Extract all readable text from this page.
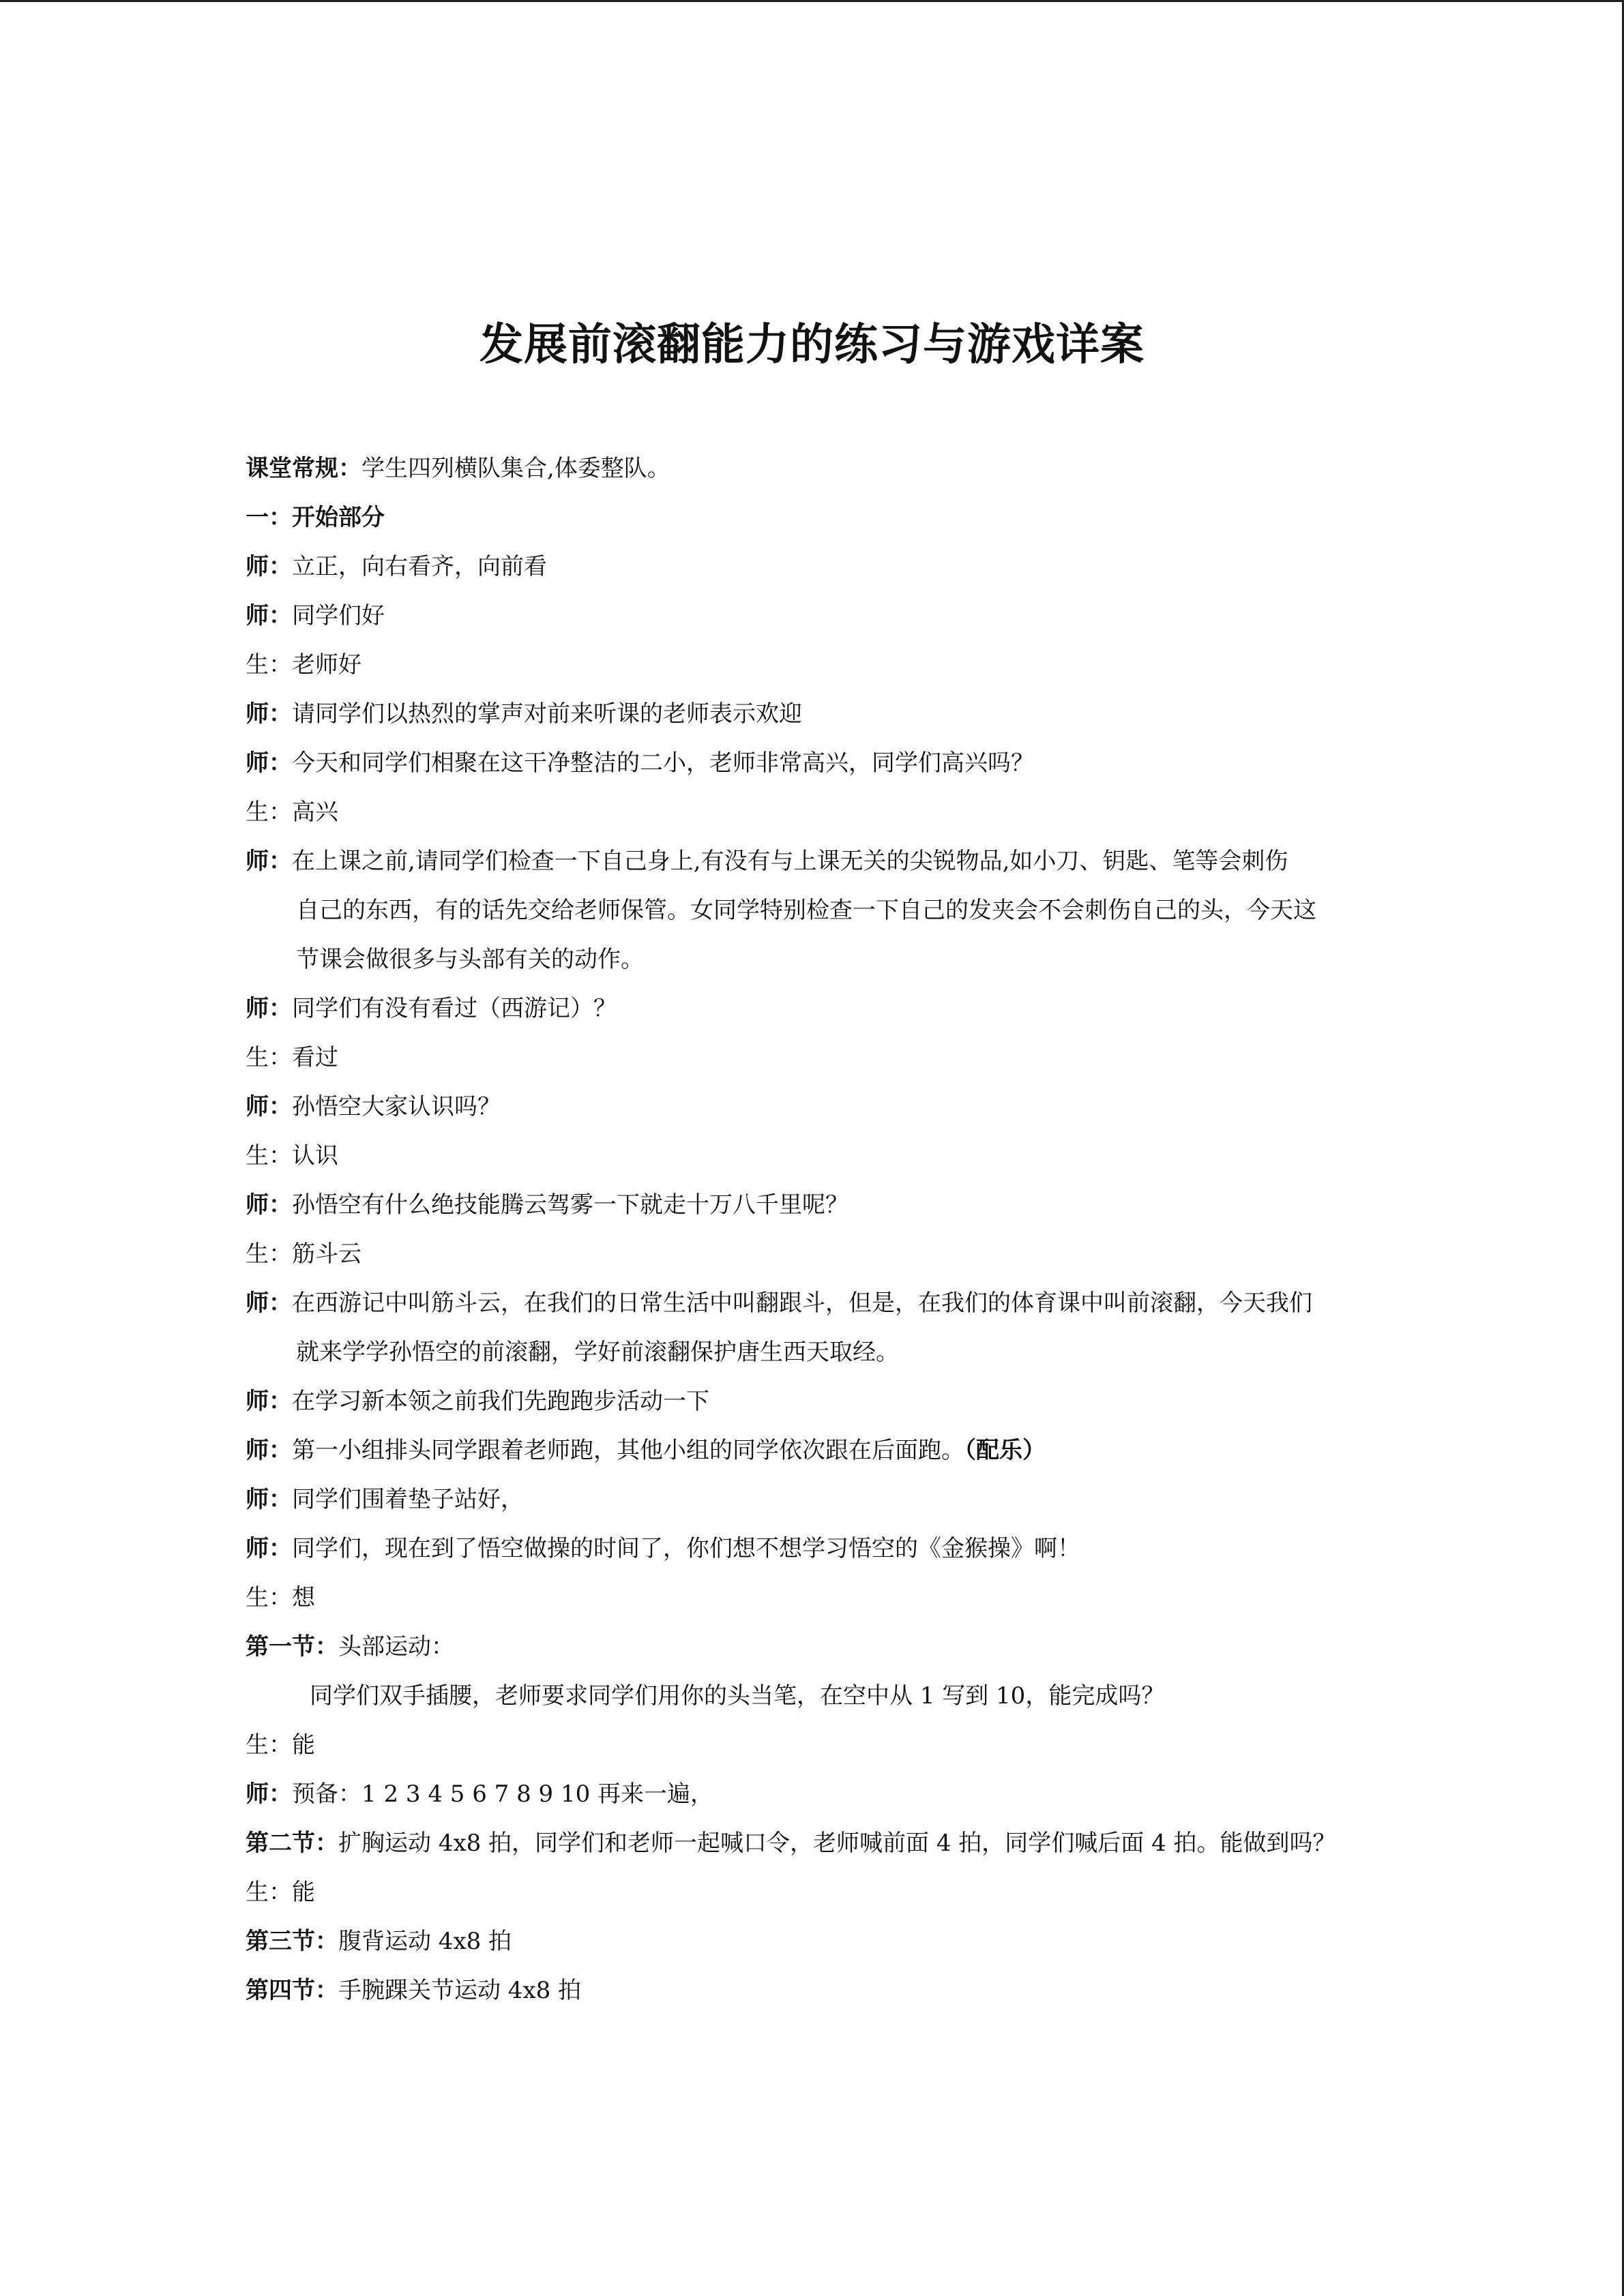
发展前滚翻能力的练习与游戏详案
课堂常规：学生四列横队集合,体委整队。
一：开始部分
师：立正，向右看齐，向前看
师：同学们好
生：老师好
师：请同学们以热烈的掌声对前来听课的老师表示欢迎
师：今天和同学们相聚在这干净整洁的二小，老师非常高兴，同学们高兴吗？
生：高兴
师：在上课之前,请同学们检查一下自己身上,有没有与上课无关的尖锐物品,如小刀、钥匙、笔等会刺伤
自己的东西，有的话先交给老师保管。女同学特别检查一下自己的发夹会不会刺伤自己的头，今天这
节课会做很多与头部有关的动作。
师：同学们有没有看过（西游记）？
生：看过
师：孙悟空大家认识吗？
生：认识
师：孙悟空有什么绝技能腾云驾雾一下就走十万八千里呢？
生：筋斗云
师：在西游记中叫筋斗云，在我们的日常生活中叫翻跟斗，但是，在我们的体育课中叫前滚翻，今天我们
就来学学孙悟空的前滚翻，学好前滚翻保护唐生西天取经。
师：在学习新本领之前我们先跑跑步活动一下
师：第一小组排头同学跟着老师跑，其他小组的同学依次跟在后面跑。（配乐）
师：同学们围着垫子站好，
师：同学们，现在到了悟空做操的时间了，你们想不想学习悟空的《金猴操》啊！
生：想
第一节：头部运动：
同学们双手插腰，老师要求同学们用你的头当笔，在空中从 1 写到 10，能完成吗？
生：能
师：预备：1 2 3 4 5 6 7 8 9 10 再来一遍，
第二节：扩胸运动 4x8 拍，同学们和老师一起喊口令，老师喊前面 4 拍，同学们喊后面 4 拍。能做到吗？
生：能
第三节：腹背运动 4x8 拍
第四节：手腕踝关节运动 4x8 拍
